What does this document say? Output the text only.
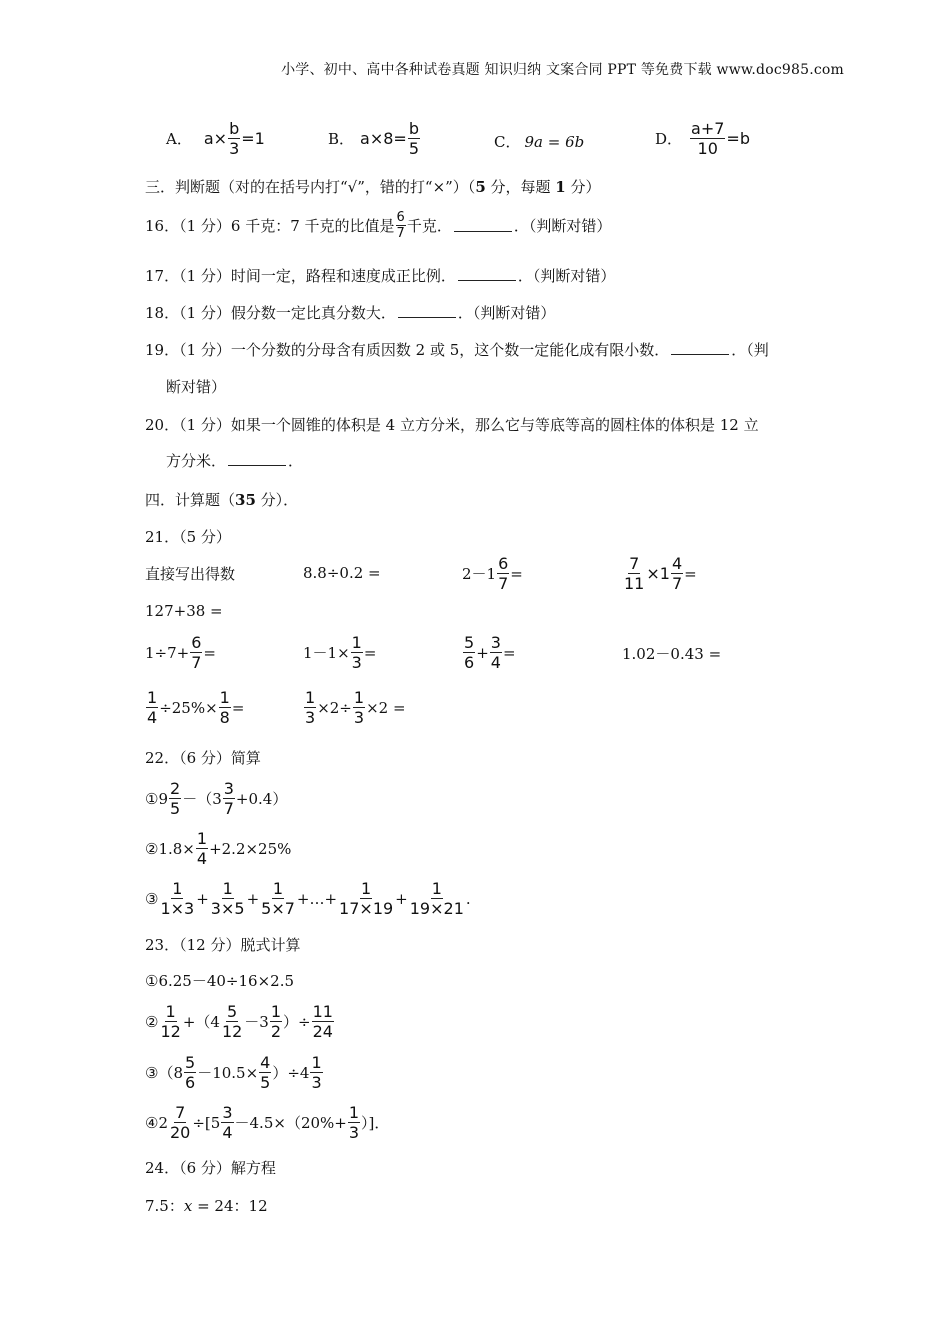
小学、初中、高中各种试卷真题 知识归纳 文案合同 PPT 等免费下载 www.doc985.com
A． $a \times \frac{b}{3} =1$	B． $a\times 8= \frac{b}{5}$	C． 9a = 6b	D． $\frac{a+7}{10} =b$
三．判断题（对的在括号内打“√”，错的打“×”）（5 分，每题 1 分）
16．（1 分）6 千克：7 千克的比值是 $\frac{6}{7}$ 千克．	．（判断对错）
17．（1 分）时间一定，路程和速度成正比例．	．（判断对错）
18．（1 分）假分数一定比真分数大．	．（判断对错）
19．（1 分）一个分数的分母含有质因数 2 或 5，这个数一定能化成有限小数．	．（判
断对错）
20．（1 分）如果一个圆锥的体积是 4 立方分米，那么它与等底等高的圆柱体的体积是 12 立
方分米．	．
四．计算题（35 分）．
21．（5 分）
直接写出得数	8.8÷0.2 =	$2-1 \frac{6}{7}$ =	$\frac{7}{11} \times 1 \frac{4}{7}$ =
127+38 =
$1\div 7+ \frac{6}{7}$ =	$1-1\times \frac{1}{3}$ =	$\frac{5}{6} + \frac{3}{4}$ =	1.02－0.43 =
$\frac{1}{4} \div 25\%\times \frac{1}{8}$ =	$\frac{1}{3} \times 2\div \frac{1}{3} \times 2$ =
22．（6 分）简算
①9 $\frac{2}{5} -(3 \frac{3}{7} +0.4)$
②1.8× $\frac{1}{4} +2.2\times 25\%$
③ $\frac{1}{1\times 3} + \frac{1}{3\times 5} + \frac{1}{5\times 7}$ +…+ $\frac{1}{17\times 19} + \frac{1}{19\times 21}$ .
23．（12 分）脱式计算
①6.25－40÷16×2.5
② $\frac{1}{12} +(4 \frac{5}{12} -3 \frac{1}{2}$ ）÷ $\frac{11}{24}$
③（8 $\frac{5}{6} -10.5\times \frac{4}{5} )\div 4 \frac{1}{3}$
④2 $\frac{7}{20} \div[5 \frac{3}{4} -4.5\times(20\%+ \frac{1}{3}$ ）]．
24．（6 分）解方程
7.5：x = 24：12
